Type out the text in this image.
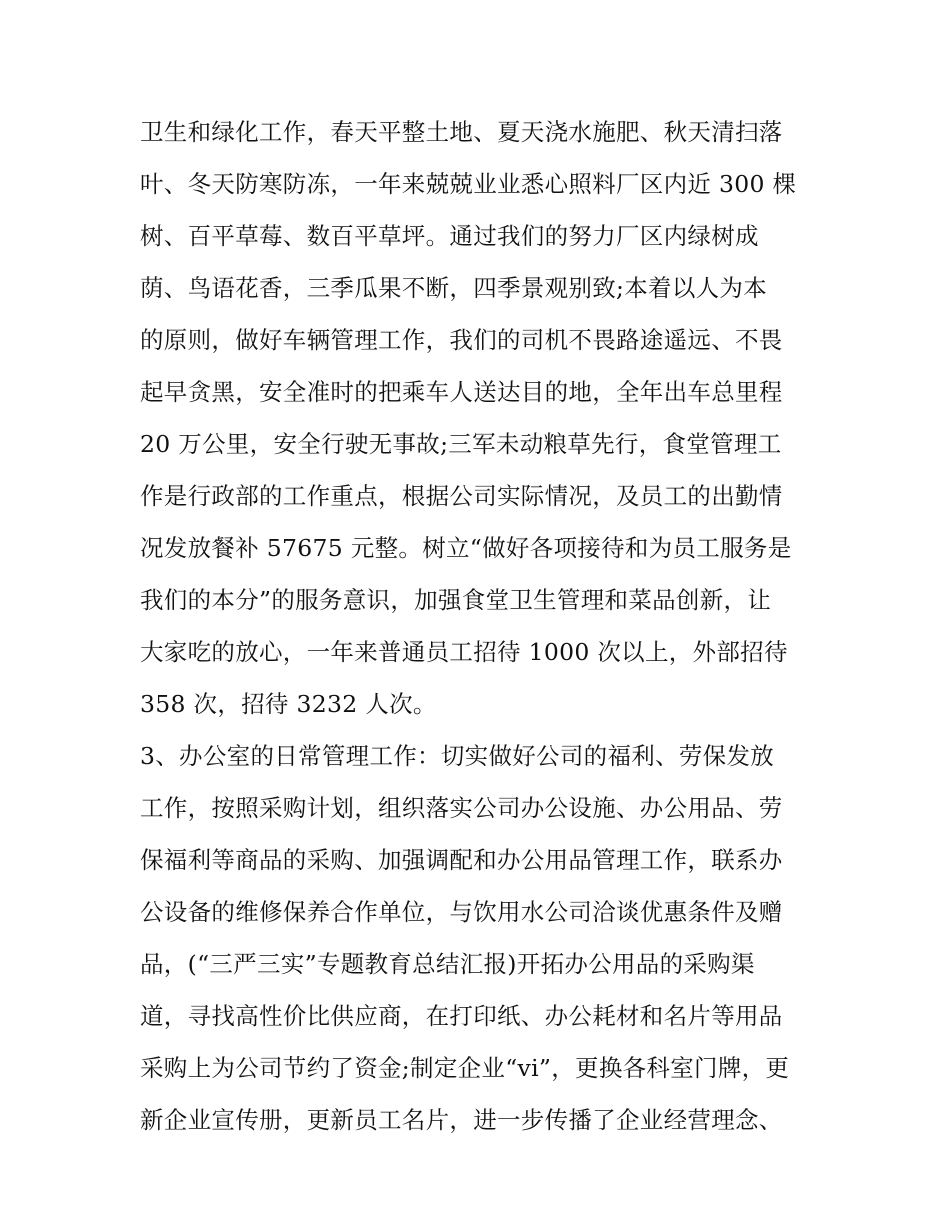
卫生和绿化工作，春天平整土地、夏天浇水施肥、秋天清扫落
叶、冬天防寒防冻，一年来兢兢业业悉心照料厂区内近 300 棵
树、百平草莓、数百平草坪。通过我们的努力厂区内绿树成
荫、鸟语花香，三季瓜果不断，四季景观别致;本着以人为本
的原则，做好车辆管理工作，我们的司机不畏路途遥远、不畏
起早贪黑，安全准时的把乘车人送达目的地，全年出车总里程
20 万公里，安全行驶无事故;三军未动粮草先行，食堂管理工
作是行政部的工作重点，根据公司实际情况，及员工的出勤情
况发放餐补 57675 元整。树立“做好各项接待和为员工服务是
我们的本分”的服务意识，加强食堂卫生管理和菜品创新，让
大家吃的放心，一年来普通员工招待 1000 次以上，外部招待
358 次，招待 3232 人次。
3、办公室的日常管理工作：切实做好公司的福利、劳保发放
工作，按照采购计划，组织落实公司办公设施、办公用品、劳
保福利等商品的采购、加强调配和办公用品管理工作，联系办
公设备的维修保养合作单位，与饮用水公司洽谈优惠条件及赠
品，(“三严三实”专题教育总结汇报)开拓办公用品的采购渠
道，寻找高性价比供应商，在打印纸、办公耗材和名片等用品
采购上为公司节约了资金;制定企业“vi”，更换各科室门牌，更
新企业宣传册，更新员工名片，进一步传播了企业经营理念、
